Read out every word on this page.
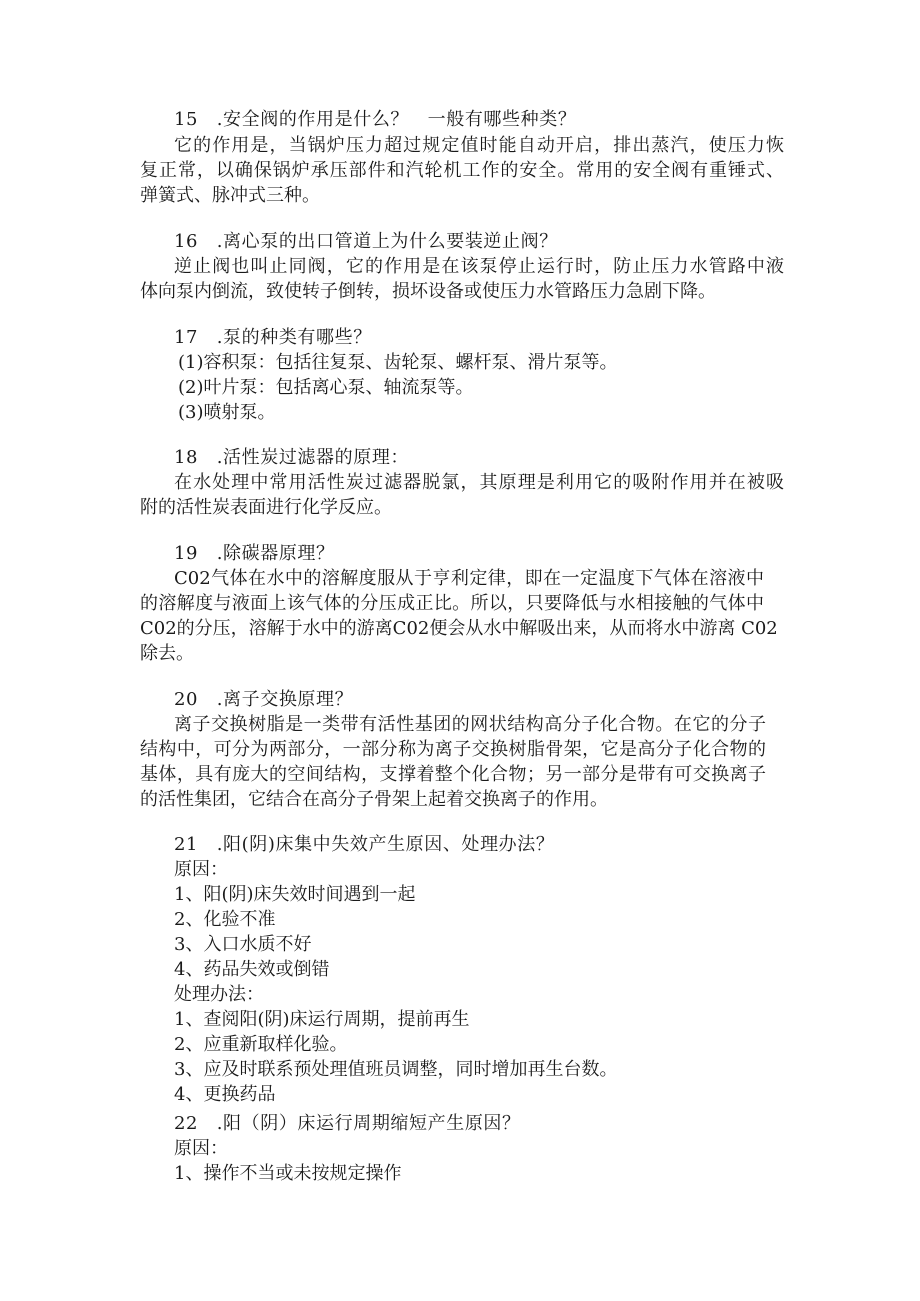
15　.安全阀的作用是什么？　一般有哪些种类？
它的作用是，当锅炉压力超过规定值时能自动开启，排出蒸汽，使压力恢
复正常，以确保锅炉承压部件和汽轮机工作的安全。常用的安全阀有重锤式、
弹簧式、脉冲式三种。
16　.离心泵的出口管道上为什么要装逆止阀？
逆止阀也叫止同阀，它的作用是在该泵停止运行时，防止压力水管路中液
体向泵内倒流，致使转子倒转，损坏设备或使压力水管路压力急剧下降。
17　.泵的种类有哪些？
(1)容积泵：包括往复泵、齿轮泵、螺杆泵、滑片泵等。
(2)叶片泵：包括离心泵、轴流泵等。
(3)喷射泵。
18　.活性炭过滤器的原理：
在水处理中常用活性炭过滤器脱氯，其原理是利用它的吸附作用并在被吸
附的活性炭表面进行化学反应。
19　.除碳器原理？
C02气体在水中的溶解度服从于亨利定律，即在一定温度下气体在溶液中
的溶解度与液面上该气体的分压成正比。所以，只要降低与水相接触的气体中
C02的分压，溶解于水中的游离C02便会从水中解吸出来，从而将水中游离 C02
除去。
20　.离子交换原理？
离子交换树脂是一类带有活性基团的网状结构高分子化合物。在它的分子
结构中，可分为两部分，一部分称为离子交换树脂骨架，它是高分子化合物的
基体，具有庞大的空间结构，支撑着整个化合物；另一部分是带有可交换离子
的活性集团，它结合在高分子骨架上起着交换离子的作用。
21　.阳(阴)床集中失效产生原因、处理办法？
原因：
1、阳(阴)床失效时间遇到一起
2、化验不准
3、入口水质不好
4、药品失效或倒错
处理办法：
1、查阅阳(阴)床运行周期，提前再生
2、应重新取样化验。
3、应及时联系预处理值班员调整，同时增加再生台数。
4、更换药品
22　.阳（阴）床运行周期缩短产生原因？
原因：
1、操作不当或未按规定操作
